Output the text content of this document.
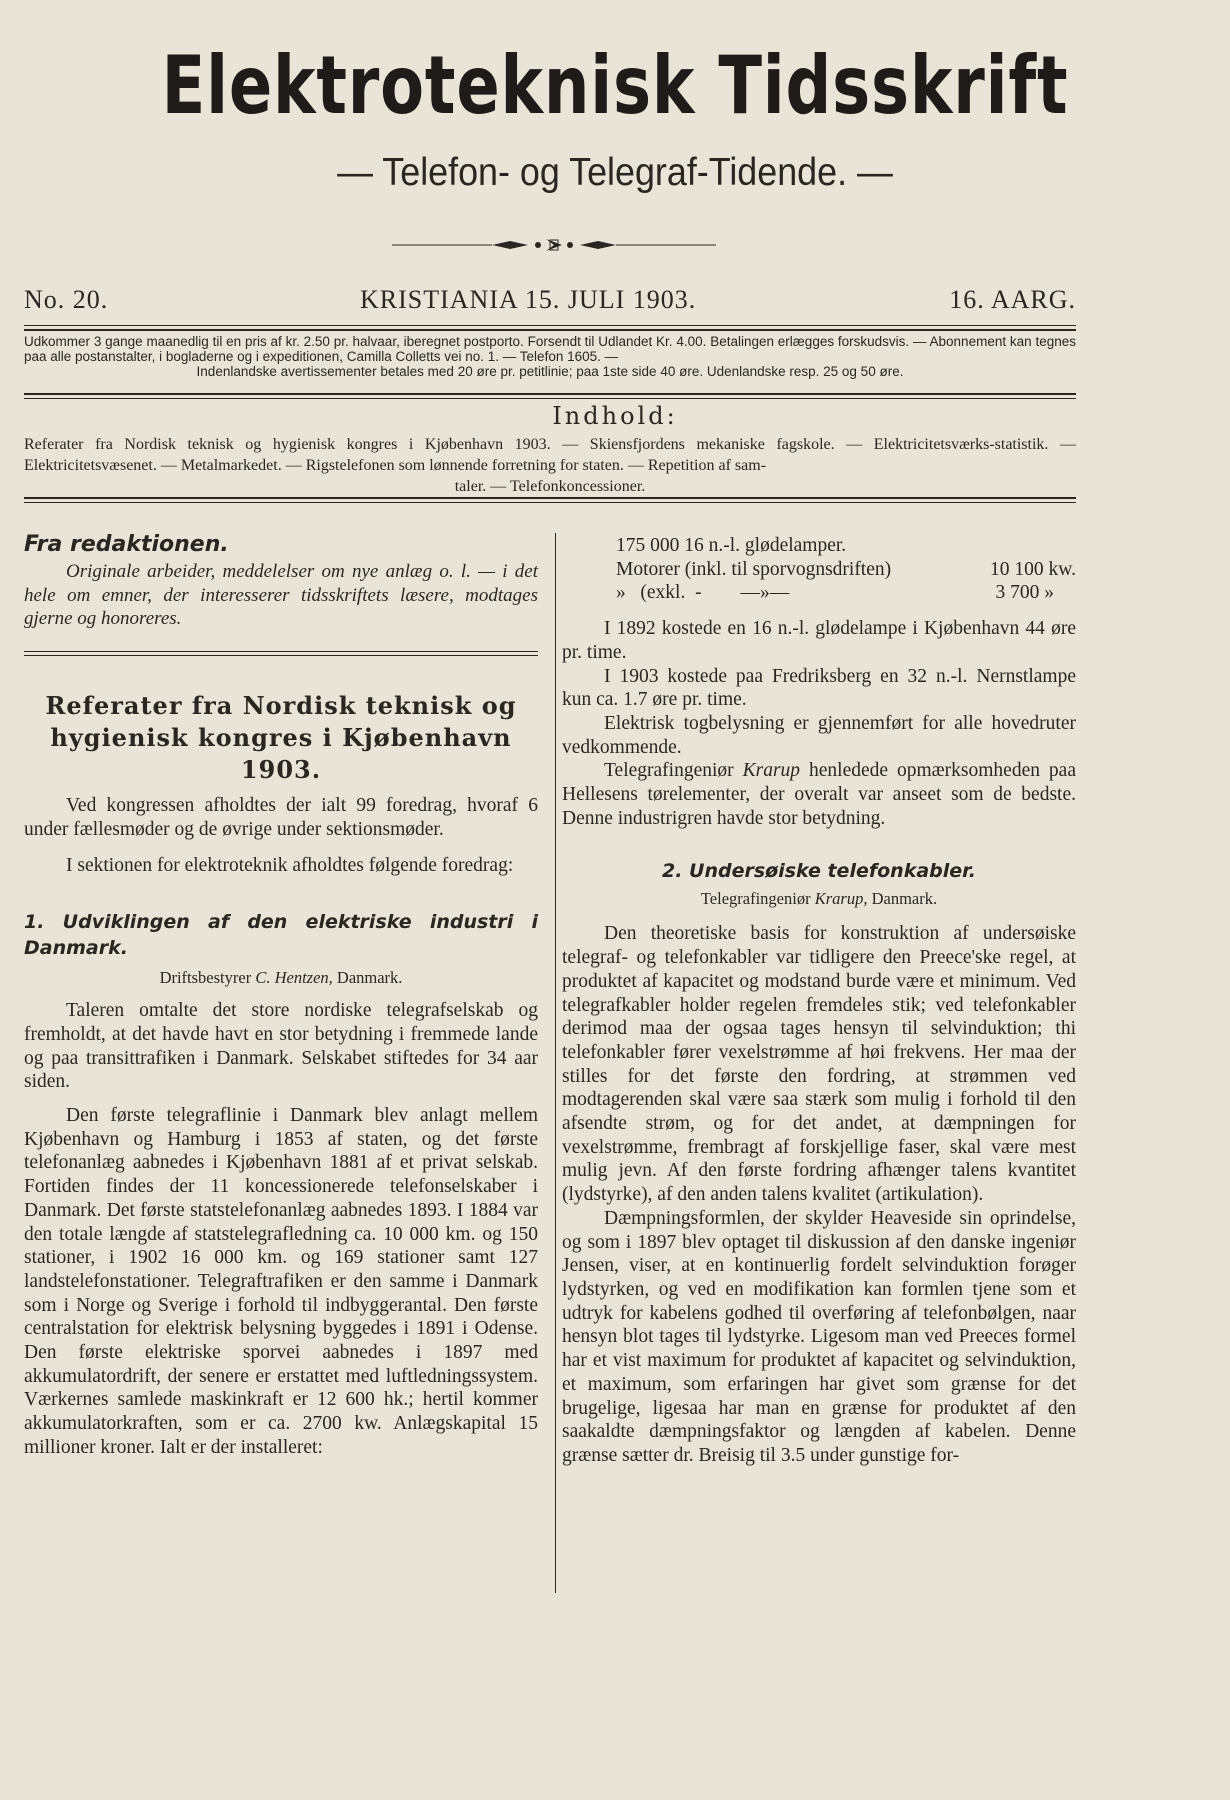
Elektroteknisk Tidsskrift
— Telefon- og Telegraf-Tidende. —
No. 20.	KRISTIANIA 15. JULI 1903.	16. AARG.

Udkommer 3 gange maanedlig til en pris af kr. 2.50 pr. halvaar, iberegnet postporto. Forsendt til Udlandet Kr. 4.00. Betalingen erlægges forskudsvis. — Abonnement kan tegnes paa alle postanstalter, i bogladerne og i expeditionen, Camilla Colletts vei no. 1. — Telefon 1605. —

Indenlandske avertissementer betales med 20 øre pr. petitlinie; paa 1ste side 40 øre. Udenlandske resp. 25 og 50 øre.

Indhold:

Referater fra Nordisk teknisk og hygienisk kongres i Kjøbenhavn 1903. — Skiensfjordens mekaniske fagskole. — Elektricitetsværks-statistik. — Elektricitetsvæsenet. — Metalmarkedet. — Rigstelefonen som lønnende forretning for staten. — Repetition af sam-

taler. — Telefonkoncessioner.

Fra redaktionen.

Originale arbeider, meddelelser om nye anlæg o. l. — i det hele om emner, der interesserer tidsskriftets læsere, modtages gjerne og honoreres.

Referater fra Nordisk teknisk og hygienisk kongres i Kjøbenhavn 1903.

Ved kongressen afholdtes der ialt 99 foredrag, hvoraf 6 under fællesmøder og de øvrige under sektionsmøder.

I sektionen for elektroteknik afholdtes følgende foredrag:

1. Udviklingen af den elektriske industri i Danmark.

Driftsbestyrer C. Hentzen, Danmark.

Taleren omtalte det store nordiske telegrafselskab og fremholdt, at det havde havt en stor betydning i fremmede lande og paa transittrafiken i Danmark. Selskabet stiftedes for 34 aar siden.

Den første telegraflinie i Danmark blev anlagt mellem Kjøbenhavn og Hamburg i 1853 af staten, og det første telefonanlæg aabnedes i Kjøbenhavn 1881 af et privat selskab. Fortiden findes der 11 koncessionerede telefonselskaber i Danmark. Det første statstelefonanlæg aabnedes 1893. I 1884 var den totale længde af statstelegrafledning ca. 10 000 km. og 150 stationer, i 1902 16 000 km. og 169 stationer samt 127 landstelefonstationer. Telegraftrafiken er den samme i Danmark som i Norge og Sverige i forhold til indbyggerantal. Den første centralstation for elektrisk belysning byggedes i 1891 i Odense. Den første elektriske sporvei aabnedes i 1897 med akkumulatordrift, der senere er erstattet med luftledningssystem. Værkernes samlede maskinkraft er 12 600 hk.; hertil kommer akkumulatorkraften, som er ca. 2700 kw. Anlægskapital 15 millioner kroner. Ialt er der installeret:

175 000 16 n.-l. glødelamper.

Motorer (inkl. til sporvognsdriften)	10 100 kw.

»   (exkl.  -        —»—	3 700 »

I 1892 kostede en 16 n.-l. glødelampe i Kjøbenhavn 44 øre pr. time.

I 1903 kostede paa Fredriksberg en 32 n.-l. Nernstlampe kun ca. 1.7 øre pr. time.

Elektrisk togbelysning er gjennemført for alle hovedruter vedkommende.

Telegrafingeniør Krarup henledede opmærksomheden paa Hellesens tørelementer, der overalt var anseet som de bedste. Denne industrigren havde stor betydning.

2. Undersøiske telefonkabler.

Telegrafingeniør Krarup, Danmark.

Den theoretiske basis for konstruktion af undersøiske telegraf- og telefonkabler var tidligere den Preece'ske regel, at produktet af kapacitet og modstand burde være et minimum. Ved telegrafkabler holder regelen fremdeles stik; ved telefonkabler derimod maa der ogsaa tages hensyn til selvinduktion; thi telefonkabler fører vexelstrømme af høi frekvens. Her maa der stilles for det første den fordring, at strømmen ved modtagerenden skal være saa stærk som mulig i forhold til den afsendte strøm, og for det andet, at dæmpningen for vexelstrømme, frembragt af forskjellige faser, skal være mest mulig jevn. Af den første fordring afhænger talens kvantitet (lydstyrke), af den anden talens kvalitet (artikulation).

Dæmpningsformlen, der skylder Heaveside sin oprindelse, og som i 1897 blev optaget til diskussion af den danske ingeniør Jensen, viser, at en kontinuerlig fordelt selvinduktion forøger lydstyrken, og ved en modifikation kan formlen tjene som et udtryk for kabelens godhed til overføring af telefonbølgen, naar hensyn blot tages til lydstyrke. Ligesom man ved Preeces formel har et vist maximum for produktet af kapacitet og selvinduktion, et maximum, som erfaringen har givet som grænse for det brugelige, ligesaa har man en grænse for produktet af den saakaldte dæmpningsfaktor og længden af kabelen. Denne grænse sætter dr. Breisig til 3.5 under gunstige for-
